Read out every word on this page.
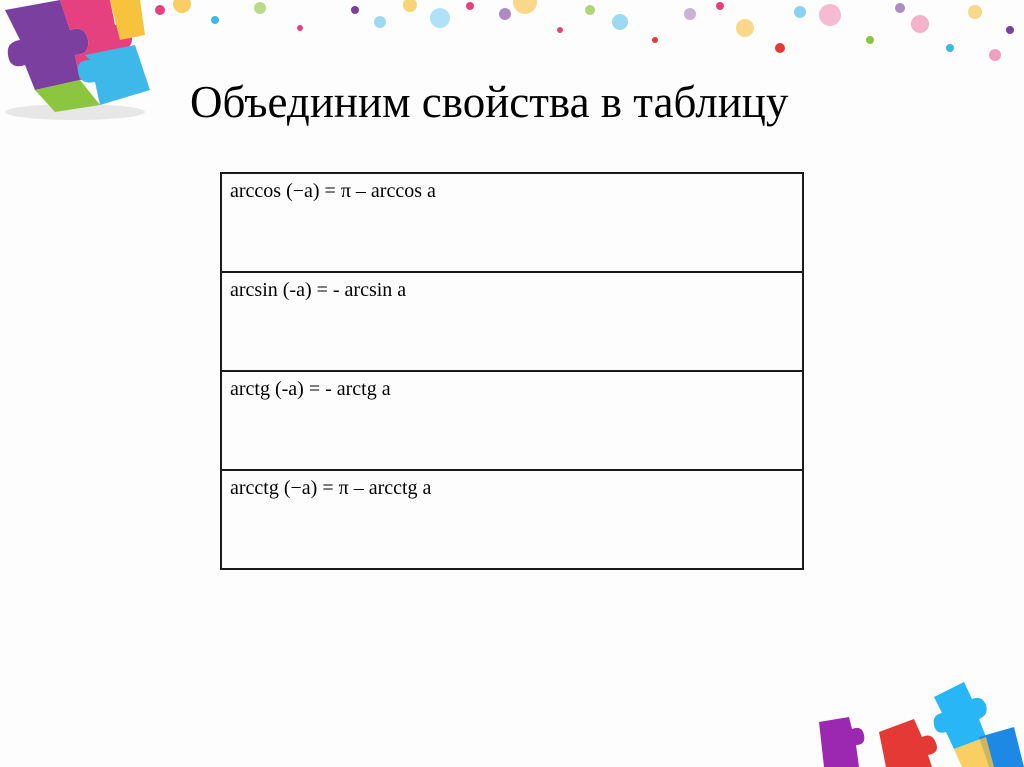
Объединим свойства в таблицу
arccos (−a) = π – arccos a
arcsin (-a) = - arcsin a
arctg (-a) = - arctg a
arcctg (−a) = π – arcctg a
